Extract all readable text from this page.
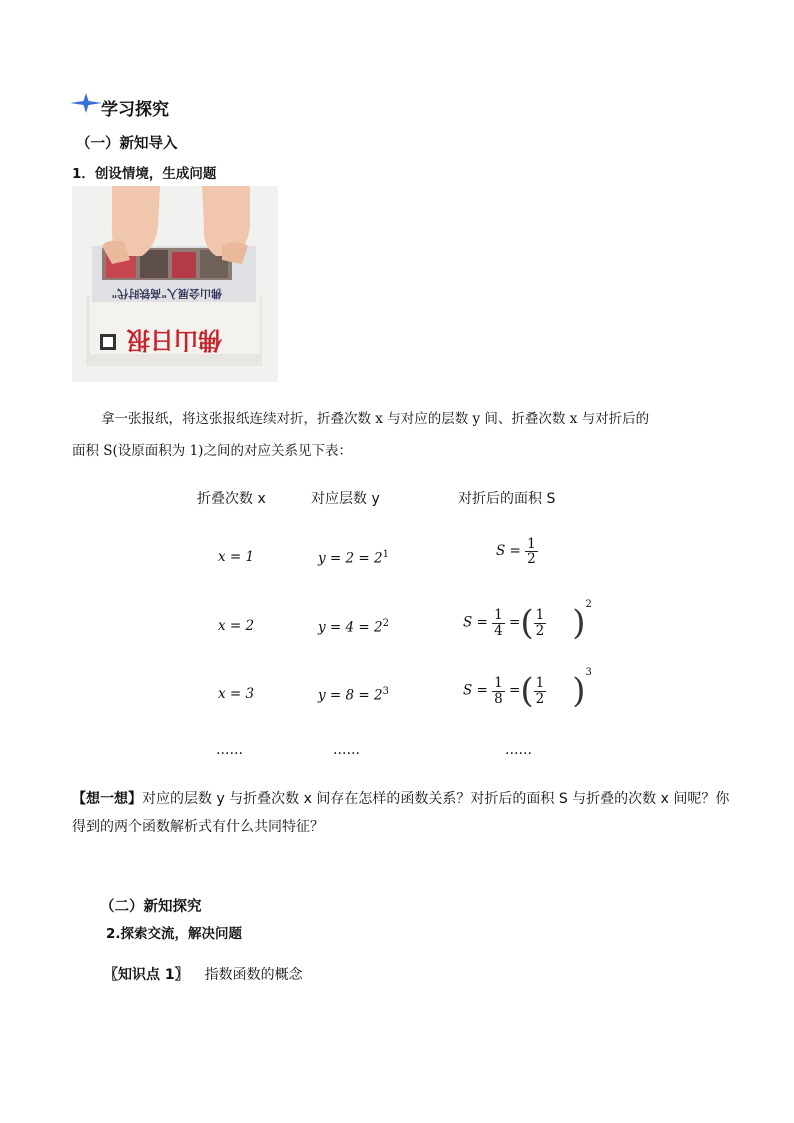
学习探究
（一）新知导入
1．创设情境，生成问题
佛山会展入"高铁时代"
佛山日报
拿一张报纸，将这张报纸连续对折，折叠次数 x 与对应的层数 y 间、折叠次数 x 与对折后的
面积 S(设原面积为 1)之间的对应关系见下表：
折叠次数 x	对应层数 y	对折后的面积 S
x = 1	$y = 2 = 2^1$	$S = \frac{1}{2}$
x = 2	$y = 4 = 2^2$	$S = \frac{1}{4}$ =( $\frac{1}{2} )^2$
x = 3	$y = 8 = 2^3$	$S = \frac{1}{8}$ =( $\frac{1}{2} )^3$
……	……	……
【想一想】对应的层数 y 与折叠次数 x 间存在怎样的函数关系？对折后的面积 S 与折叠的次数 x 间呢？你
得到的两个函数解析式有什么共同特征？
（二）新知探究
2.探索交流，解决问题
〖知识点 1〗 指数函数的概念
